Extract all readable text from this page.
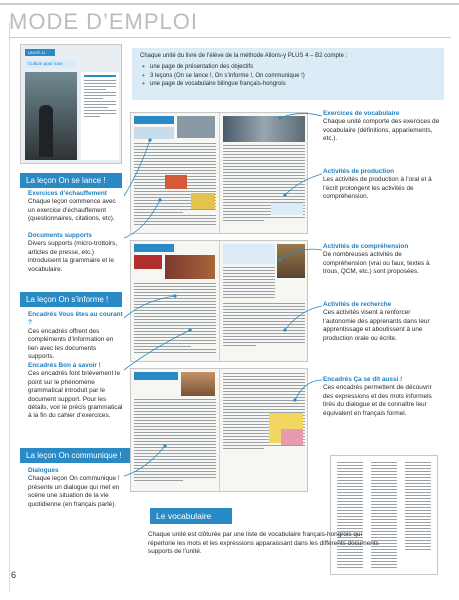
MODE D’EMPLOI
Chaque unité du livre de l’élève de la méthode Allons-y PLUS 4 – B2 compte :
• une page de présentation des objectifs
• 3 leçons (On se lance !, On s’informe !, On communique !)
• une page de vocabulaire bilingue français-hongrois
UNITÉ 11
Culture pour tous
La leçon On se lance !
La leçon On s’informe !
La leçon On communique !
Le vocabulaire
Exercices d’échauffement
Chaque leçon commence avec un exercice d’échauffement (questionnaires, citations, etc).
Documents supports
Divers supports (micro-trottoirs, articles de presse, etc.) introduisent la grammaire et le vocabulaire.
Encadrés Vous êtes au courant ?
Ces encadrés offrent des compléments d’information en lien avec les documents supports.
Encadrés Bon à savoir !
Ces encadrés font brièvement le point sur le phénomène grammatical introduit par le document support. Pour les détails, voir le précis grammatical à la fin du cahier d’exercices.
Dialogues
Chaque leçon On communique ! présente un dialogue qui met en scène une situation de la vie quotidienne (en français parlé).
Exercices de vocabulaire
Chaque unité comporte des exercices de vocabulaire (définitions, appariements, etc.).
Activités de production
Les activités de production à l’oral et à l’écrit prolongent les activités de compréhension.
Activités de compréhension
De nombreuses activités de compréhension (vrai ou faux, textes à trous, QCM, etc.) sont proposées.
Activités de recherche
Ces activités visent à renforcer l’autonomie des apprenants dans leur apprentissage et aboutissent à une production orale ou écrite.
Encadrés Ça se dit aussi !
Ces encadrés permettent de découvrir des expressions et des mots informels tirés du dialogue et de connaître leur équivalent en français formel.
Chaque unité est clôturée par une liste de vocabulaire français-hongrois qui répertorie les mots et les expressions apparaissant dans les différents documents supports de l’unité.
6
